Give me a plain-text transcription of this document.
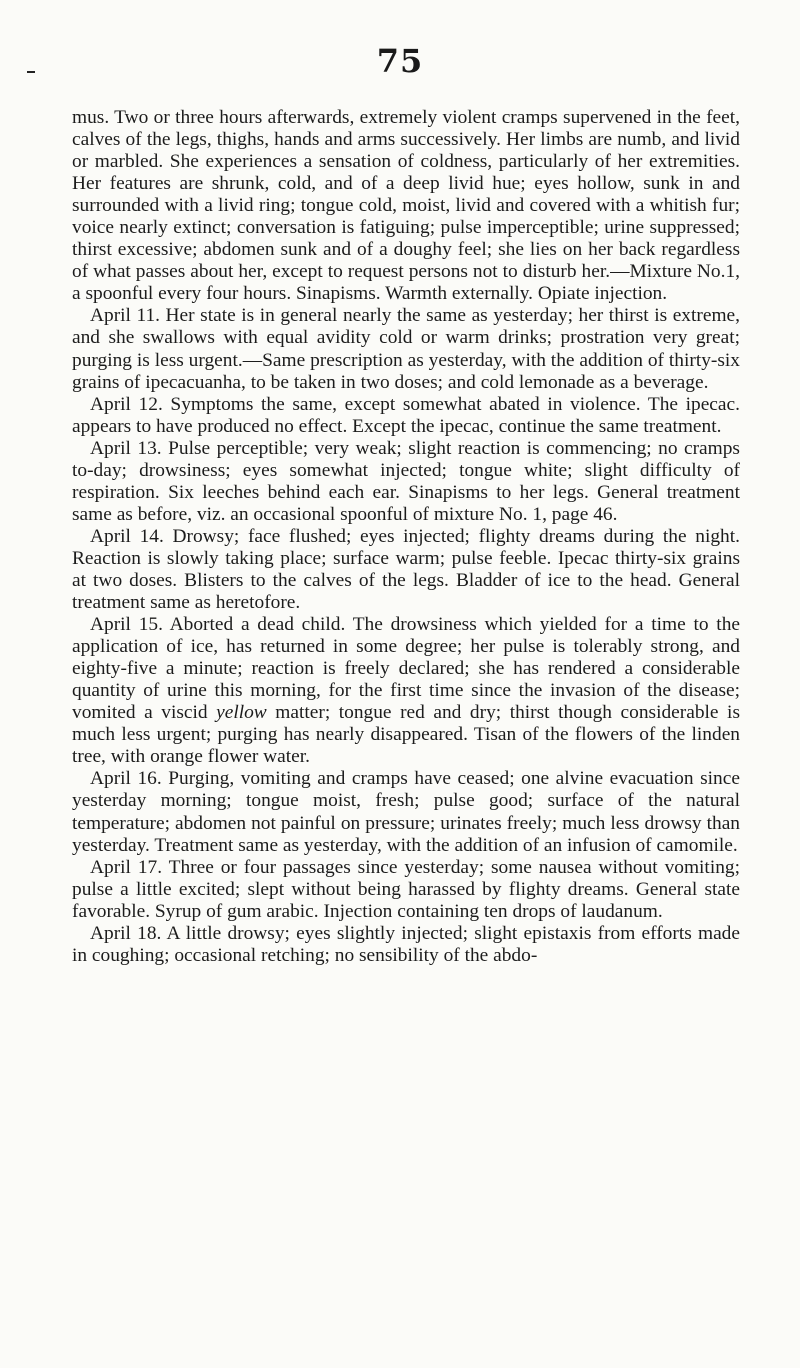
75

mus. Two or three hours afterwards, extremely violent cramps supervened in the feet, calves of the legs, thighs, hands and arms successively. Her limbs are numb, and livid or marbled. She experiences a sensation of coldness, particularly of her extremities. Her features are shrunk, cold, and of a deep livid hue; eyes hollow, sunk in and surrounded with a livid ring; tongue cold, moist, livid and covered with a whitish fur; voice nearly extinct; conversation is fatiguing; pulse imperceptible; urine suppressed; thirst excessive; abdomen sunk and of a doughy feel; she lies on her back regardless of what passes about her, except to request persons not to disturb her.—Mixture No.1, a spoonful every four hours. Sinapisms. Warmth externally. Opiate injection.

April 11. Her state is in general nearly the same as yesterday; her thirst is extreme, and she swallows with equal avidity cold or warm drinks; prostration very great; purging is less urgent.—Same prescription as yesterday, with the addition of thirty-six grains of ipecacuanha, to be taken in two doses; and cold lemonade as a beverage.

April 12. Symptoms the same, except somewhat abated in violence. The ipecac. appears to have produced no effect. Except the ipecac, continue the same treatment.

April 13. Pulse perceptible; very weak; slight reaction is commencing; no cramps to-day; drowsiness; eyes somewhat injected; tongue white; slight difficulty of respiration. Six leeches behind each ear. Sinapisms to her legs. General treatment same as before, viz. an occasional spoonful of mixture No. 1, page 46.

April 14. Drowsy; face flushed; eyes injected; flighty dreams during the night. Reaction is slowly taking place; surface warm; pulse feeble. Ipecac thirty-six grains at two doses. Blisters to the calves of the legs. Bladder of ice to the head. General treatment same as heretofore.

April 15. Aborted a dead child. The drowsiness which yielded for a time to the application of ice, has returned in some degree; her pulse is tolerably strong, and eighty-five a minute; reaction is freely declared; she has rendered a considerable quantity of urine this morning, for the first time since the invasion of the disease; vomited a viscid yellow matter; tongue red and dry; thirst though considerable is much less urgent; purging has nearly disappeared. Tisan of the flowers of the linden tree, with orange flower water.

April 16. Purging, vomiting and cramps have ceased; one alvine evacuation since yesterday morning; tongue moist, fresh; pulse good; surface of the natural temperature; abdomen not painful on pressure; urinates freely; much less drowsy than yesterday. Treatment same as yesterday, with the addition of an infusion of camomile.

April 17. Three or four passages since yesterday; some nausea without vomiting; pulse a little excited; slept without being harassed by flighty dreams. General state favorable. Syrup of gum arabic. Injection containing ten drops of laudanum.

April 18. A little drowsy; eyes slightly injected; slight epistaxis from efforts made in coughing; occasional retching; no sensibility of the abdo-
